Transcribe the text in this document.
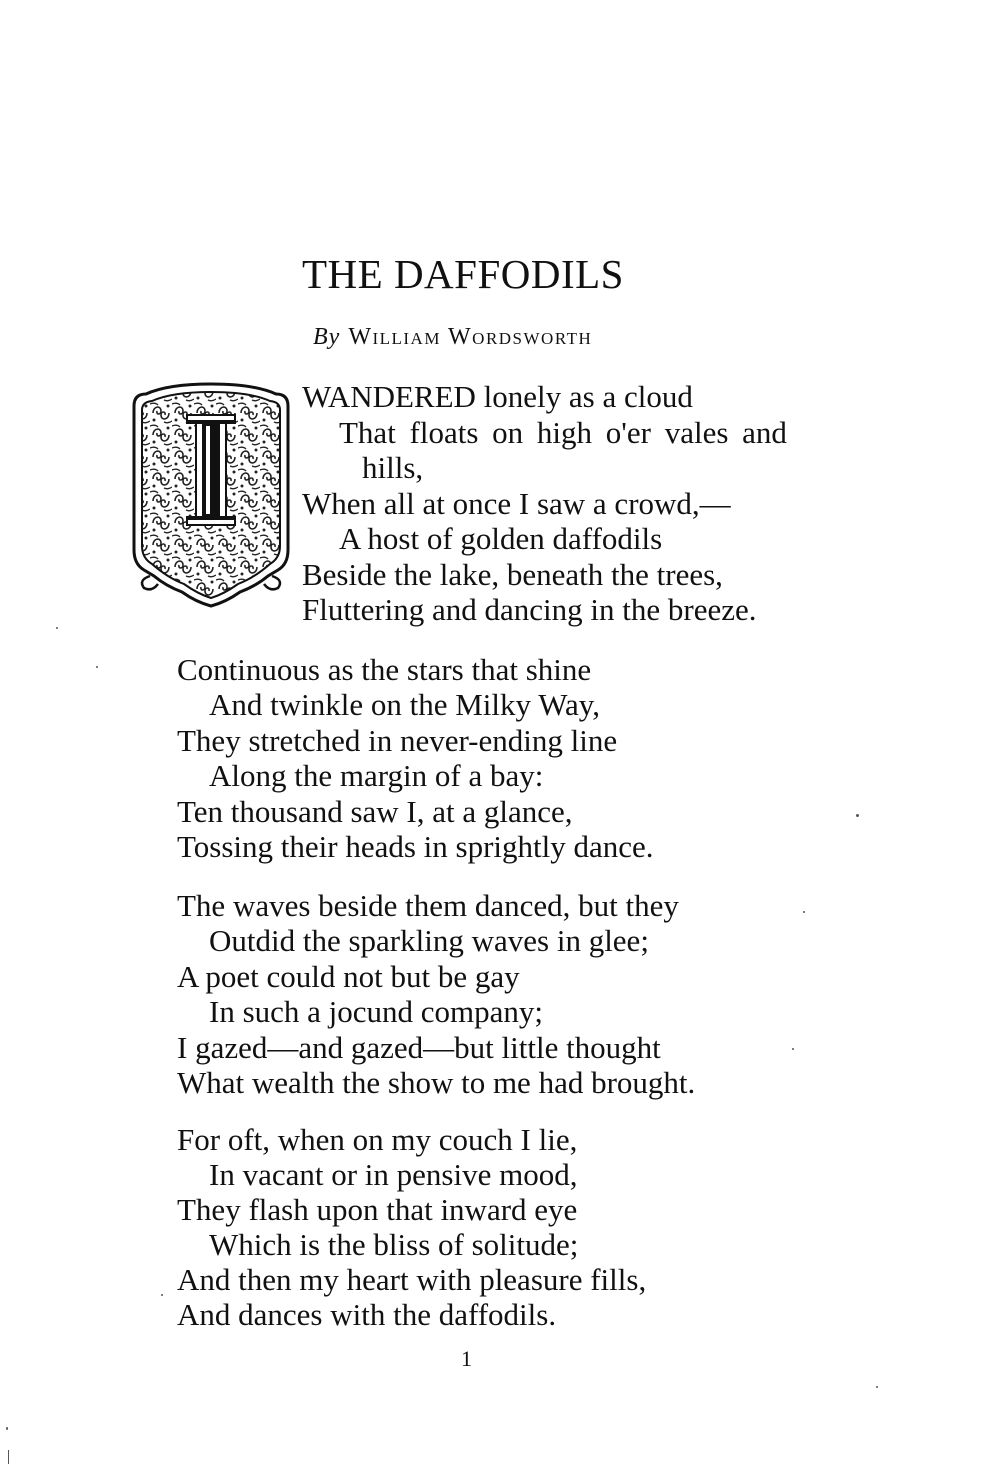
THE DAFFODILS
By William Wordsworth
WANDERED lonely as a cloud
That floats on high o'er vales and
hills,
When all at once I saw a crowd,—
A host of golden daffodils
Beside the lake, beneath the trees,
Fluttering and dancing in the breeze.
Continuous as the stars that shine
And twinkle on the Milky Way,
They stretched in never-ending line
Along the margin of a bay:
Ten thousand saw I, at a glance,
Tossing their heads in sprightly dance.
The waves beside them danced, but they
Outdid the sparkling waves in glee;
A poet could not but be gay
In such a jocund company;
I gazed—and gazed—but little thought
What wealth the show to me had brought.
For oft, when on my couch I lie,
In vacant or in pensive mood,
They flash upon that inward eye
Which is the bliss of solitude;
And then my heart with pleasure fills,
And dances with the daffodils.
1
